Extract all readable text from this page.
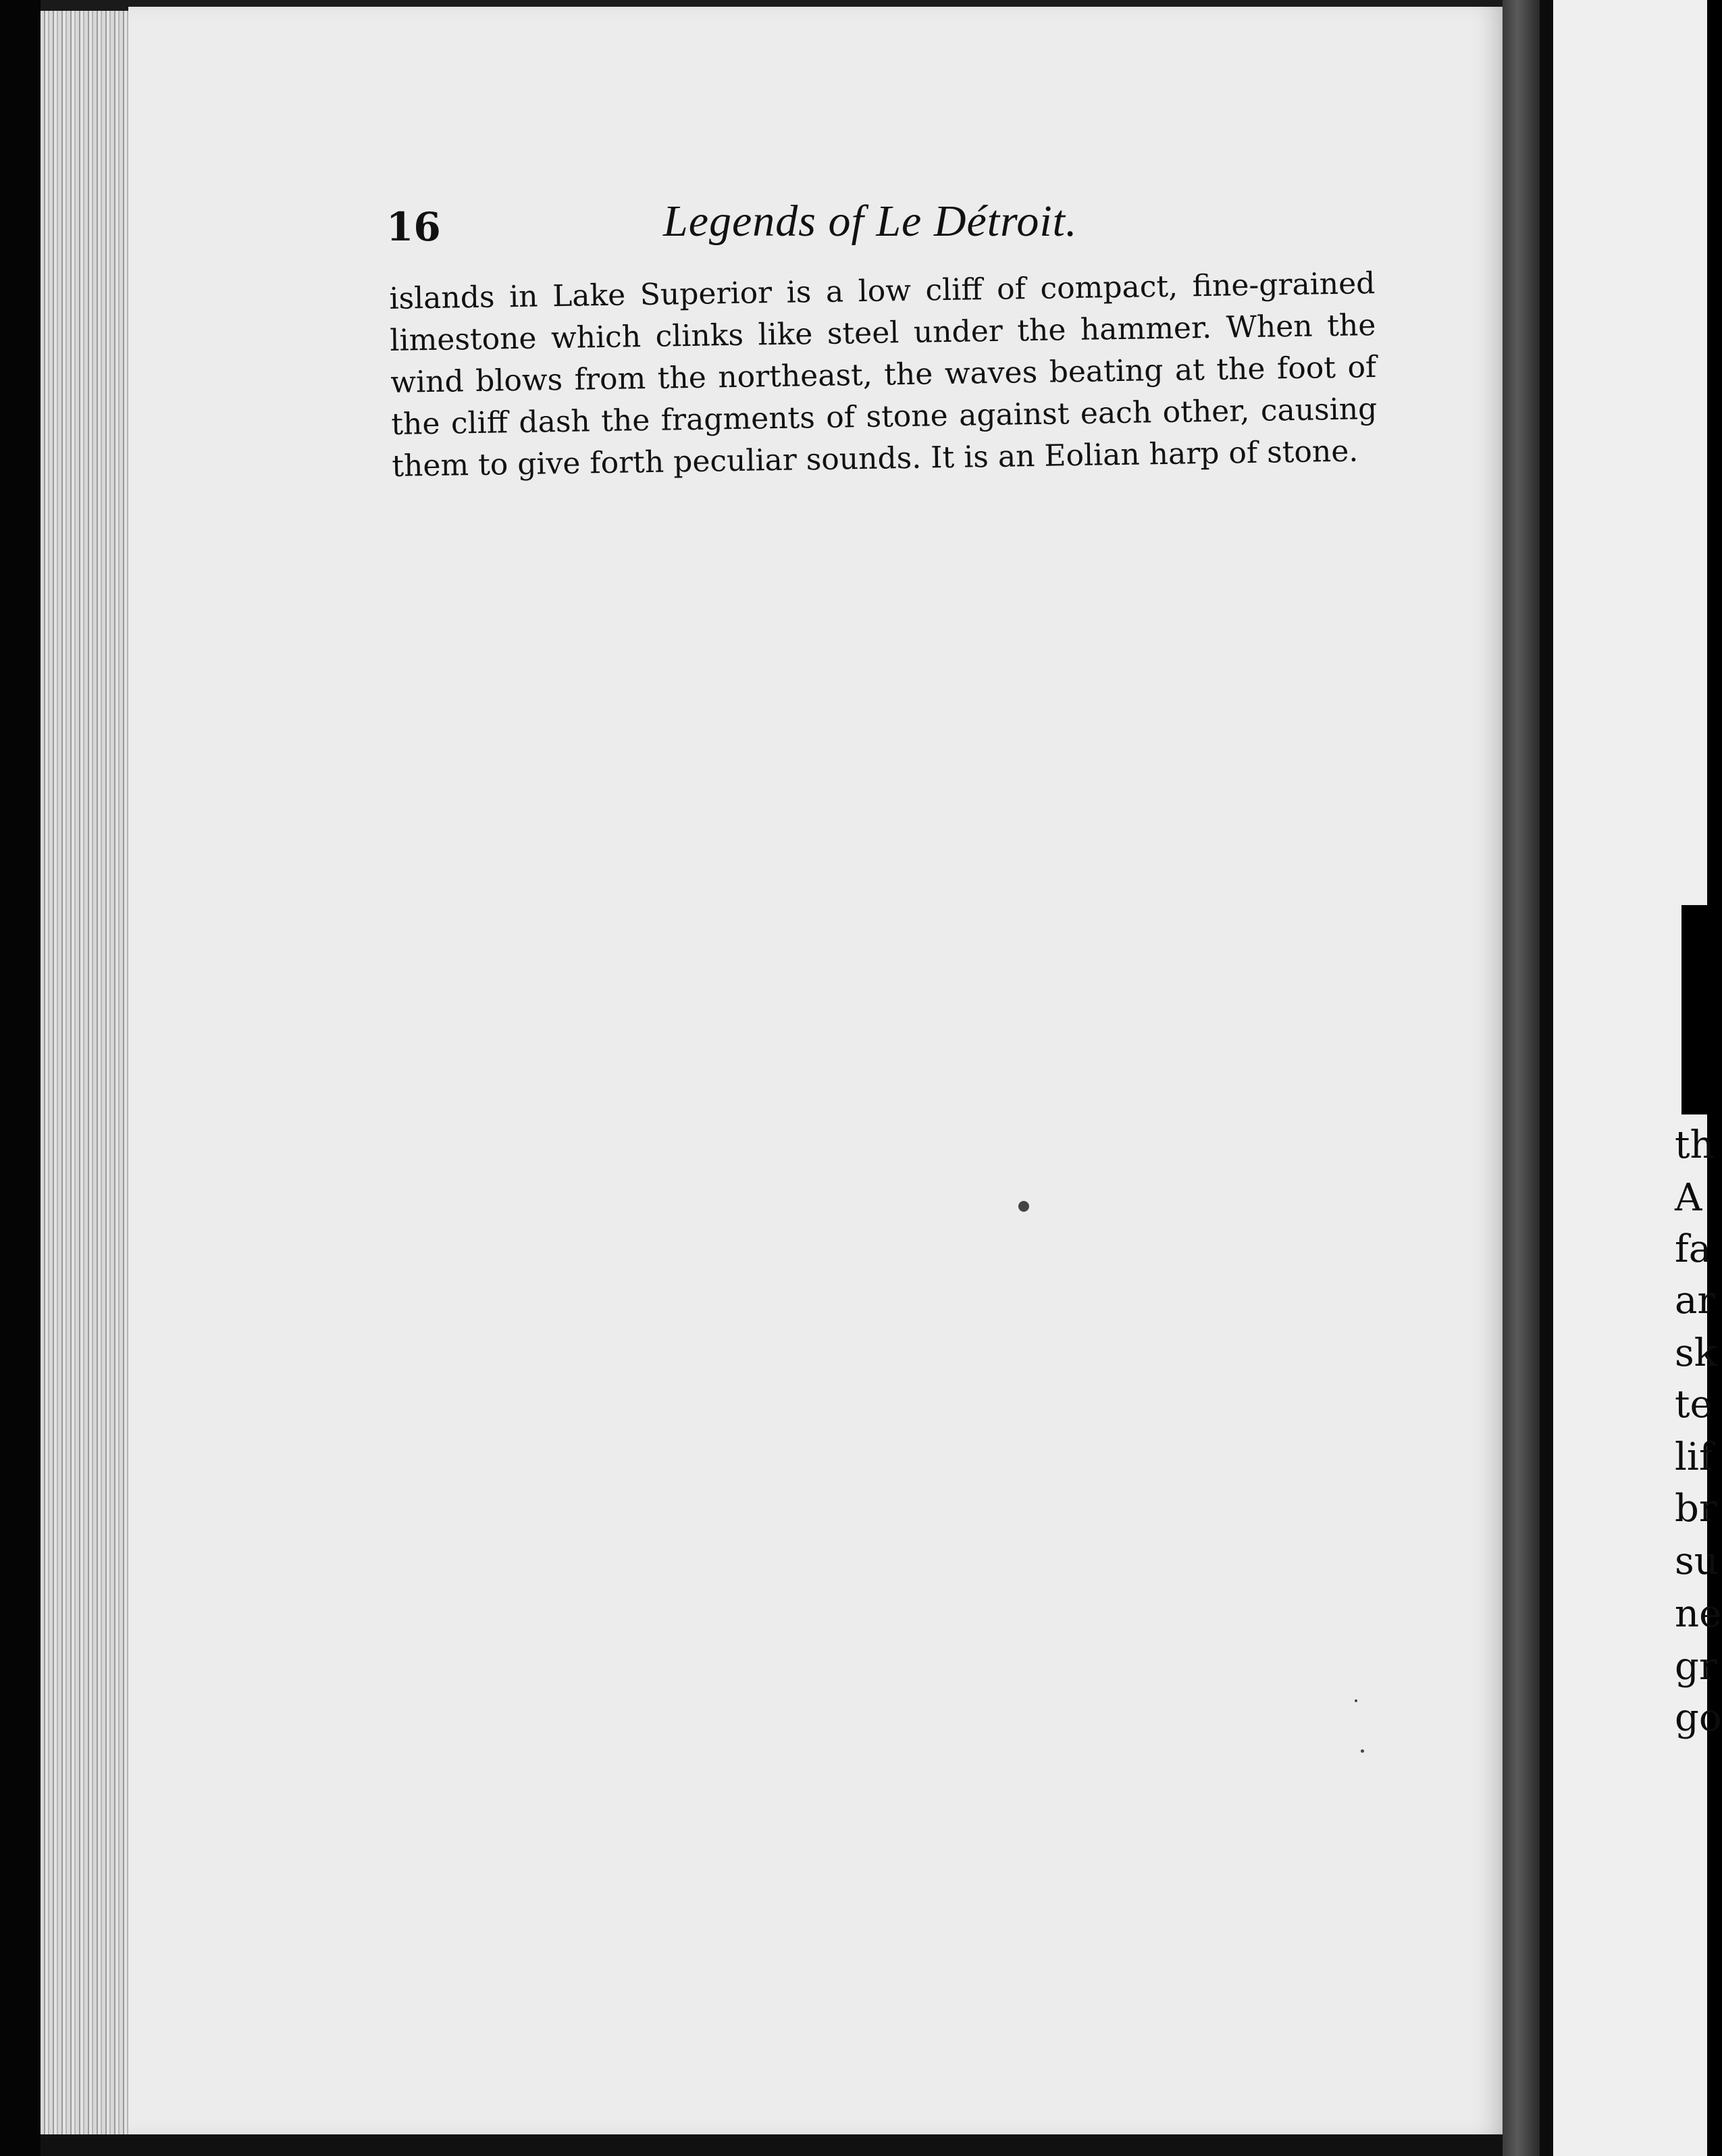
th
A
fa
ar
sk
te
lif
br
su
ne
gr
go
16	Legends of Le Détroit.
islands in Lake Superior is a low cliff of compact, fine-grained
limestone which clinks like steel under the hammer. When the
wind blows from the northeast, the waves beating at the foot of
the cliff dash the fragments of stone against each other, causing
them to give forth peculiar sounds. It is an Eolian harp of stone.
